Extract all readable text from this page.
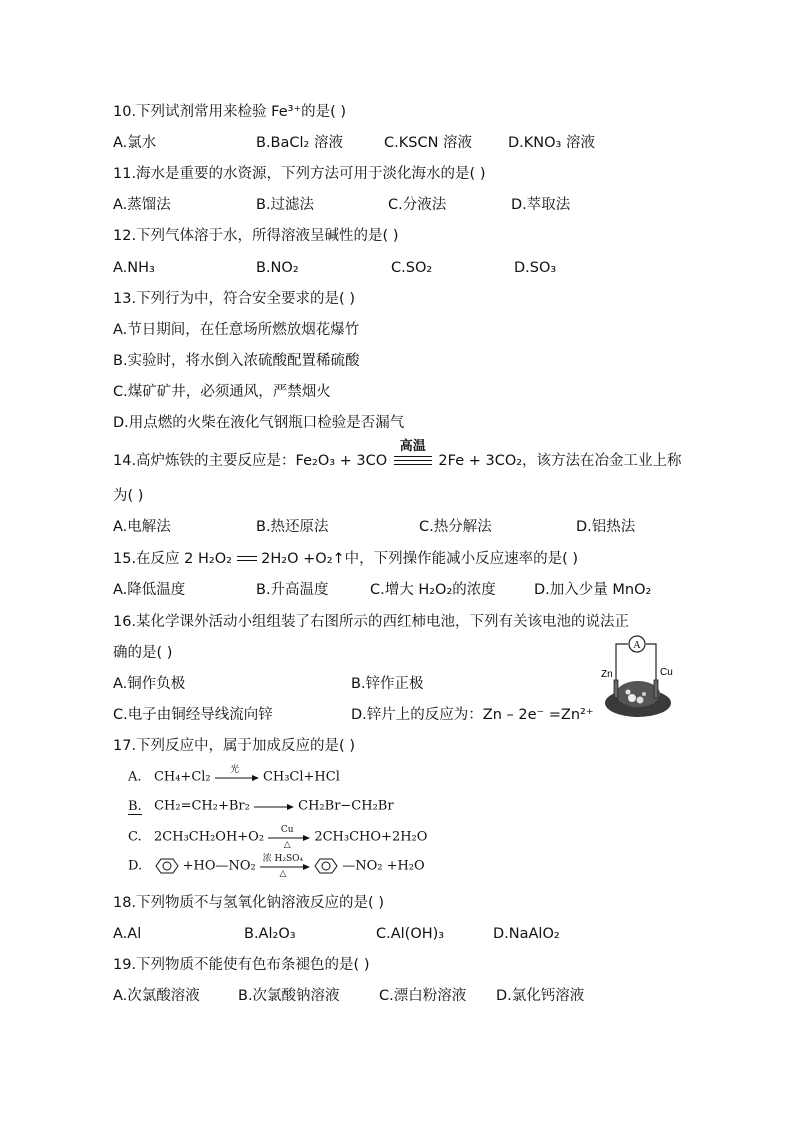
10.下列试剂常用来检验 Fe³⁺的是( )
A.氯水	B.BaCl₂ 溶液	C.KSCN 溶液 D.KNO₃ 溶液
11.海水是重要的水资源，下列方法可用于淡化海水的是( )
A.蒸馏法	B.过滤法	C.分液法	D.萃取法
12.下列气体溶于水，所得溶液呈碱性的是( )
A.NH₃	B.NO₂	C.SO₂	D.SO₃
13.下列行为中，符合安全要求的是( )
A.节日期间，在任意场所燃放烟花爆竹
B.实验时，将水倒入浓硫酸配置稀硫酸
C.煤矿矿井，必须通风，严禁烟火
D.用点燃的火柴在液化气钢瓶口检验是否漏气
14.高炉炼铁的主要反应是：Fe₂O₃ + 3CO
高温
2Fe + 3CO₂，该方法在冶金工业上称
为( )
A.电解法	B.热还原法	C.热分解法	D.铝热法
15.在反应 2 H₂O₂ 2H₂O +O₂↑中，下列操作能减小反应速率的是( )
A.降低温度	B.升高温度	C.增大 H₂O₂的浓度	D.加入少量 MnO₂
16.某化学课外活动小组组装了右图所示的西红柿电池，下列有关该电池的说法正
确的是( )
A.铜作负极	B.锌作正极
C.电子由铜经导线流向锌	D.锌片上的反应为：Zn – 2e⁻ =Zn²⁺
A
Zn	Cu
17.下列反应中，属于加成反应的是( )
A. CH₄+Cl₂	光	CH₃Cl+HCl
B. CH₂=CH₂+Br₂ → CH₂Br−CH₂Br
C. 2CH₃CH₂OH+O₂	Cu
△
2CH₃CHO+2H₂O
D.	+HO—NO₂ 浓 H₂SO₄
△
—NO₂ +H₂O
18.下列物质不与氢氧化钠溶液反应的是( )
A.Al	B.Al₂O₃	C.Al(OH)₃	D.NaAlO₂
19.下列物质不能使有色布条褪色的是( )
A.次氯酸溶液	B.次氯酸钠溶液	C.漂白粉溶液 D.氯化钙溶液
